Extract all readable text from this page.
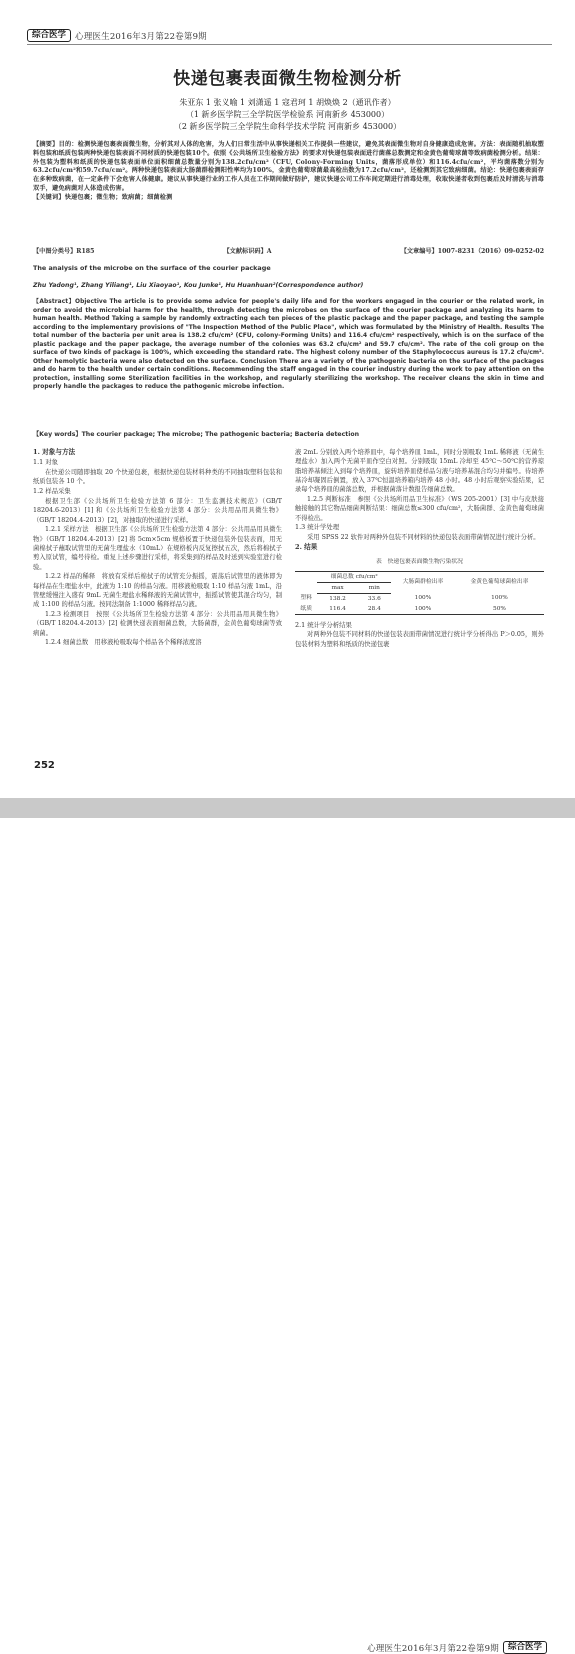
综合医学	心理医生2016年3月第22卷第9期
快递包裹表面微生物检测分析
朱亚东 1 张义喻 1 刘潇遥 1 寇君珂 1 胡焕焕 2（通讯作者）
（1 新乡医学院三全学院医学检验系 河南新乡 453000）
（2 新乡医学院三全学院生命科学技术学院 河南新乡 453000）
【摘要】目的：检测快递包裹表面微生物，分析其对人体的危害，为人们日常生活中从事快递相关工作提供一些建议，避免其表面微生物对自身健康造成危害。方法：表面随机抽取塑料包装和纸质包装两种快递包装表面不同材质的快递包装10个。依照《公共场所卫生检验方法》的要求对快递包装表面进行菌落总数测定和金黄色葡萄球菌等致病菌检测分析。结果：外包装为塑料和纸质的快递包装表面单位面积细菌总数量分别为138.2cfu/cm²（CFU, Colony-Forming Units，菌落形成单位）和116.4cfu/cm²，平均菌落数分别为63.2cfu/cm²和59.7cfu/cm²。两种快递包装表面大肠菌群检测阳性率均为100%，金黄色葡萄球菌最高检出数为17.2cfu/cm²，还检测到其它致病细菌。结论：快递包裹表面存在多种致病菌，在一定条件下会危害人体健康。建议从事快递行业的工作人员在工作期间做好防护，建议快递公司工作车间定期进行消毒处理，收取快递者收到包裹后及时清洗与消毒双手，避免病菌对人体造成伤害。
【关键词】快递包裹；微生物；致病菌；细菌检测
【中图分类号】R185	【文献标识码】A	【文章编号】1007-8231（2016）09-0252-02
The analysis of the microbe on the surface of the courier package
Zhu Yadong¹, Zhang Yiliang¹, Liu Xiaoyao¹, Kou Junke¹, Hu Huanhuan²(Correspondence author)
【Abstract】Objective The article is to provide some advice for people's daily life and for the workers engaged in the courier or the related work, in order to avoid the microbial harm for the health, through detecting the microbes on the surface of the courier package and analyzing its harm to human health. Method Taking a sample by randomly extracting each ten pieces of the plastic package and the paper package, and testing the sample according to the implementary provisions of "The Inspection Method of the Public Place", which was formulated by the Ministry of Health. Results The total number of the bacteria per unit area is 138.2 cfu/cm² (CFU, colony-Forming Units) and 116.4 cfu/cm² respectively, which is on the surface of the plastic package and the paper package, the average number of the colonies was 63.2 cfu/cm² and 59.7 cfu/cm². The rate of the coli group on the surface of two kinds of package is 100%, which exceeding the standard rate. The highest colony number of the Staphylococcus aureus is 17.2 cfu/cm². Other hemolytic bacteria were also detected on the surface. Conclusion There are a variety of the pathogenic bacteria on the surface of the packages and do harm to the health under certain conditions. Recommending the staff engaged in the courier industry during the work to pay attention on the protection, installing some Sterilization facilities in the workshop, and regularly sterilizing the workshop. The receiver cleans the skin in time and properly handle the packages to reduce the pathogenic microbe infection.
【Key words】The courier package; The microbe; The pathogenic bacteria; Bacteria detection
1. 对象与方法
1.1 对象

在快递公司随即抽取 20 个快递包裹，根据快递包装材料种类的不同抽取塑料包装和纸质包装各 10 个。

1.2 样品采集

根据卫生部《公共场所卫生检验方法第 6 部分：卫生监测技术规范》（GB/T 18204.6-2013）[1] 和《公共场所卫生检验方法第 4 部分：公共用品用具微生物》（GB/T 18204.4-2013）[2]，对抽取的快递进行采样。

1.2.1 采样方法　根据卫生部《公共场所卫生检验方法第 4 部分：公共用品用具微生物》（GB/T 18204.4-2013）[2] 将 5cm×5cm 规格板置于快递包装外包装表面，用无菌棉拭子蘸取试管里的无菌生理盐水（10mL）在规格板内反复擦拭五次，然后将棉拭子剪入原试管，编号待检。重复上述步骤进行采样，将采集到的样品及时送到实验室进行检验。

1.2.2 样品的稀释　将放有采样后棉拭子的试管充分振摇，震荡后试管里的液体即为每样品在生理盐水中，此液为 1:10 的样品匀液。用移液枪吸取 1:10 样品匀液 1mL，沿管壁缓慢注入盛有 9mL 无菌生理盐水稀释液的无菌试管中，振摇试管使其混合均匀，制成 1:100 的样品匀液。按同法制备 1:1000 稀释样品匀液。

1.2.3 检测项目　按照《公共场所卫生检验方法第 4 部分：公共用品用具微生物》（GB/T 18204.4-2013）[2] 检测快递表面细菌总数，大肠菌群，金黄色葡萄球菌等致病菌。

1.2.4 细菌总数　用移液枪吸取每个样品各个稀释浓度溶

液 2mL 分别放入两个培养皿中，每个培养皿 1mL，同时分别吸取 1mL 稀释液（无菌生理盐水）加入两个无菌平皿作空白对照。分别吸取 15mL 冷却至 45℃～50℃的营养琼脂培养基倾注入到每个培养皿，旋转培养皿使样品匀液与培养基混合均匀并编号。待培养基冷却凝固后倒置，放入 37℃恒温培养箱内培养 48 小时。48 小时后观察实验结果，记录每个培养皿的菌落总数，并根据菌落计数报告细菌总数。

1.2.5 判断标准　参照《公共场所用品卫生标准》（WS 205-2001）[3] 中与皮肤接触接触的其它物品细菌判断结果：细菌总数≤300 cfu/cm²，大肠菌群、金黄色葡萄球菌不得检出。

1.3 统计学处理

采用 SPSS 22 软件对两种外包装不同材料的快递包装表面带菌情况进行统计分析。

2. 结果
表　快递包裹表面微生物污染状况
	细菌总数 cfu/cm²		大肠菌群检出率	金黄色葡萄球菌检出率
	max	min		
塑料	138.2	33.6	100%	100%
纸质	116.4	28.4	100%	50%
2.1 统计学分析结果

对两种外包装不同材料的快递包装表面带菌情况进行统计学分析得出 P＞0.05，则外包装材料为塑料和纸质的快递包裹

252
心理医生2016年3月第22卷第9期	综合医学
